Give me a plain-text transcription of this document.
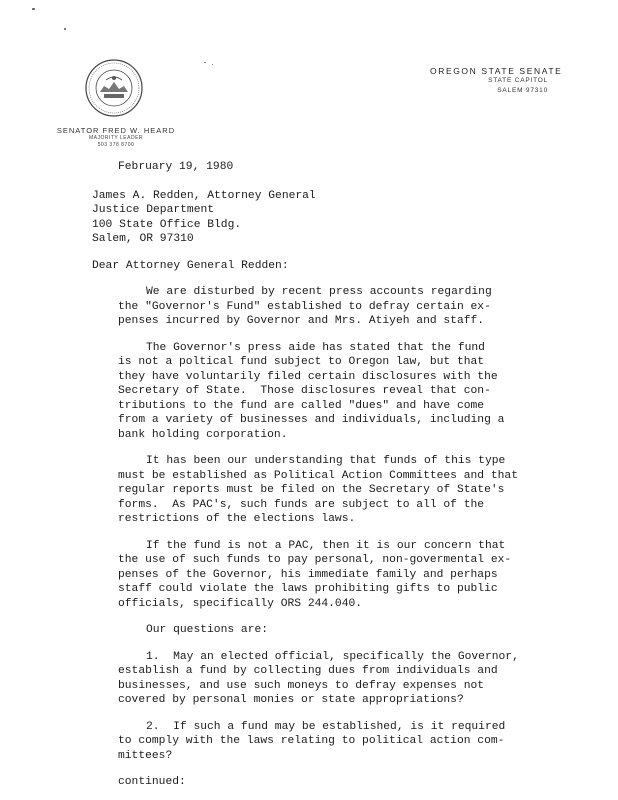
SENATOR FRED W. HEARD
MAJORITY LEADER
503 378 8700
OREGON STATE SENATE
STATE CAPITOL
SALEM 97310
February 19, 1980
James A. Redden, Attorney General
Justice Department
100 State Office Bldg.
Salem, OR 97310
Dear Attorney General Redden:
We are disturbed by recent press accounts regarding
the "Governor's Fund" established to defray certain ex-
penses incurred by Governor and Mrs. Atiyeh and staff.
The Governor's press aide has stated that the fund
is not a poltical fund subject to Oregon law, but that
they have voluntarily filed certain disclosures with the
Secretary of State.  Those disclosures reveal that con-
tributions to the fund are called "dues" and have come
from a variety of businesses and individuals, including a
bank holding corporation.
It has been our understanding that funds of this type
must be established as Political Action Committees and that
regular reports must be filed on the Secretary of State's
forms.  As PAC's, such funds are subject to all of the
restrictions of the elections laws.
If the fund is not a PAC, then it is our concern that
the use of such funds to pay personal, non-govermental ex-
penses of the Governor, his immediate family and perhaps
staff could violate the laws prohibiting gifts to public
officials, specifically ORS 244.040.
Our questions are:
1.  May an elected official, specifically the Governor,
establish a fund by collecting dues from individuals and
businesses, and use such moneys to defray expenses not
covered by personal monies or state appropriations?
2.  If such a fund may be established, is it required
to comply with the laws relating to political action com-
mittees?
continued:
